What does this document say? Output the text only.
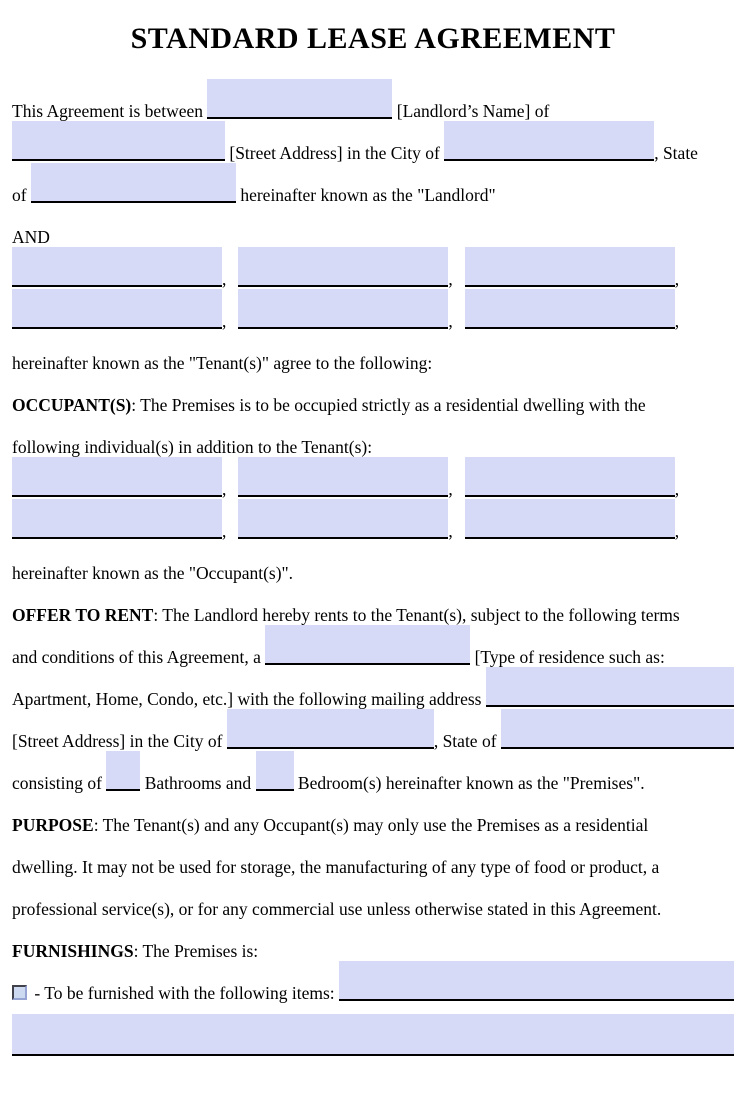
STANDARD LEASE AGREEMENT
This Agreement is between	[Landlord’s Name] of
[Street Address] in the City of	, State
of	hereinafter known as the "Landlord"
AND
,	,	,
,	,	,
hereinafter known as the "Tenant(s)" agree to the following:
OCCUPANT(S): The Premises is to be occupied strictly as a residential dwelling with the
following individual(s) in addition to the Tenant(s):
,	,	,
,	,	,
hereinafter known as the "Occupant(s)".
OFFER TO RENT: The Landlord hereby rents to the Tenant(s), subject to the following terms
and conditions of this Agreement, a	[Type of residence such as:
Apartment, Home, Condo, etc.] with the following mailing address
[Street Address] in the City of	, State of
consisting of  Bathrooms and  Bedroom(s) hereinafter known as the "Premises".
PURPOSE: The Tenant(s) and any Occupant(s) may only use the Premises as a residential
dwelling. It may not be used for storage, the manufacturing of any type of food or product, a
professional service(s), or for any commercial use unless otherwise stated in this Agreement.
FURNISHINGS: The Premises is:
- To be furnished with the following items:
